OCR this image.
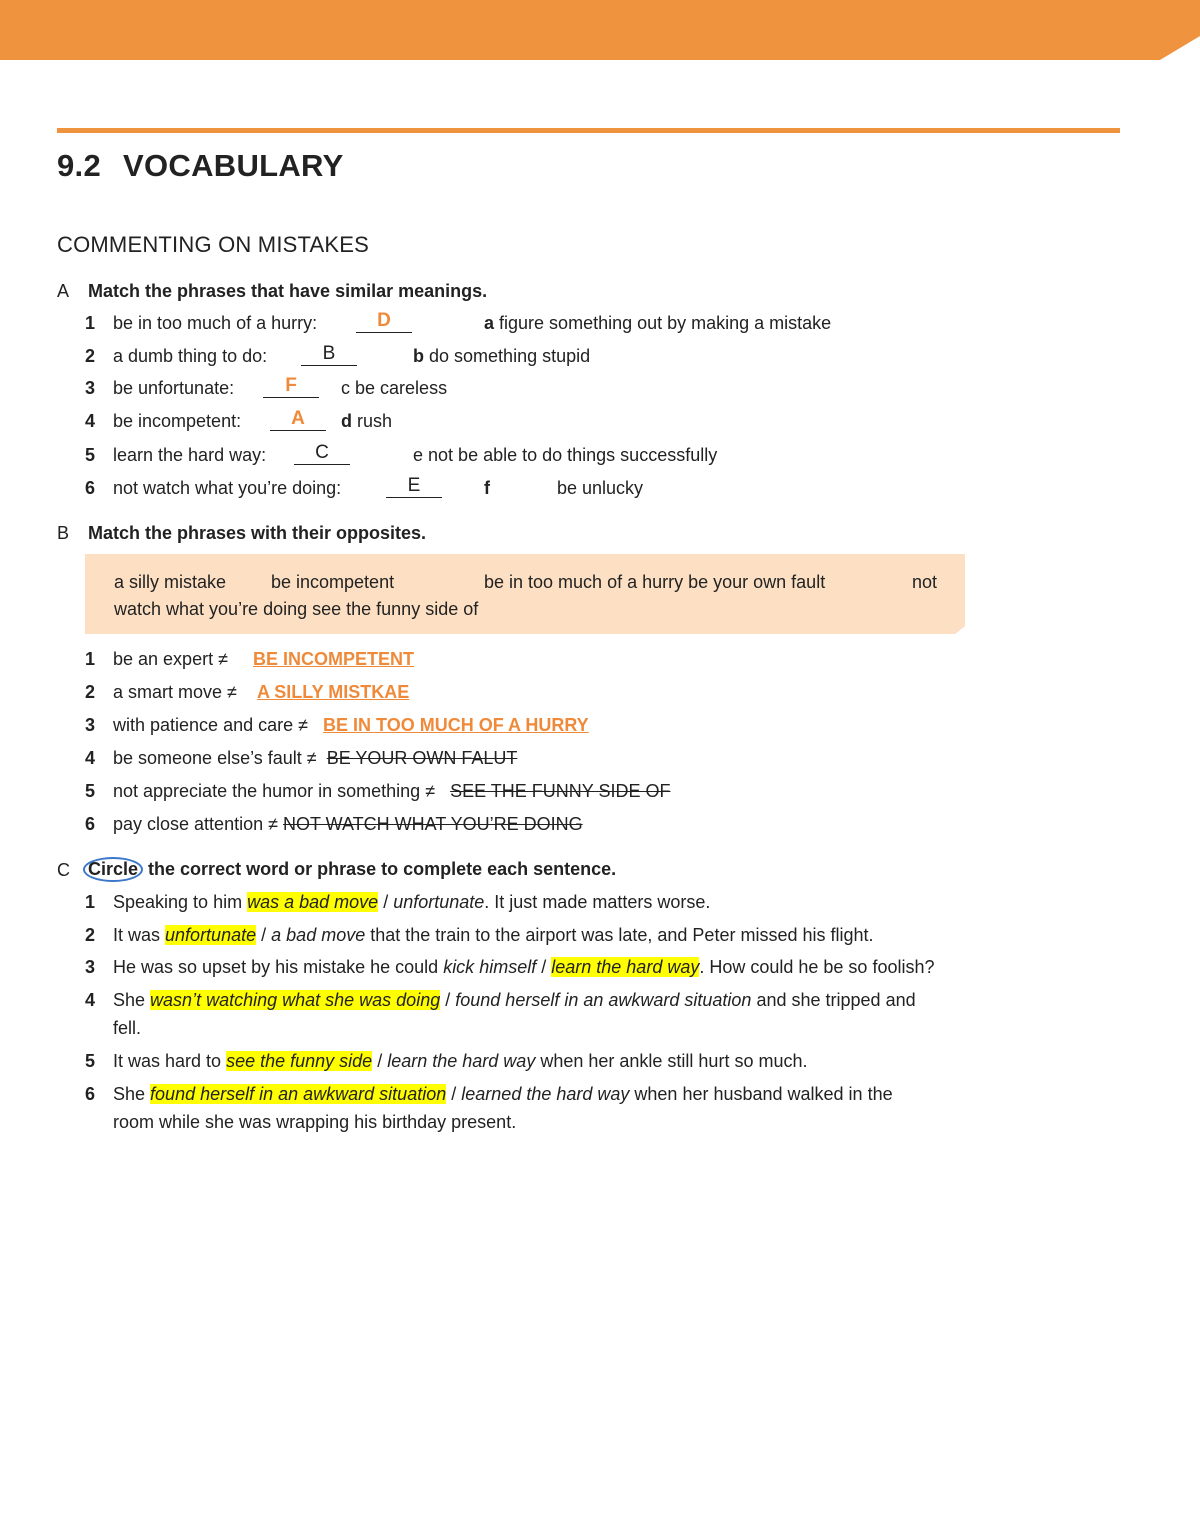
9.2 VOCABULARY
COMMENTING ON MISTAKES
A Match the phrases that have similar meanings.
1 be in too much of a hurry:	D	a figure something out by making a mistake
2 a dumb thing to do:	B	b do something stupid
3 be unfortunate:	F	c be careless
4 be incompetent:	A	d rush
5 learn the hard way:	C	e not be able to do things successfully
6 not watch what you’re doing:	E	f	be unlucky
B Match the phrases with their opposites.
a silly mistake be incompetent	be in too much of a hurry be your own fault	not
watch what you’re doing see the funny side of
1 be an expert ≠ BE INCOMPETENT
2 a smart move ≠ A SILLY MISTKAE
3 with patience and care ≠ BE IN TOO MUCH OF A HURRY
4 be someone else’s fault ≠ BE YOUR OWN FALUT
5 not appreciate the humor in something ≠ SEE THE FUNNY SIDE OF
6 pay close attention ≠ NOT WATCH WHAT YOU’RE DOING
C Circle the correct word or phrase to complete each sentence.
1 Speaking to him was a bad move / unfortunate. It just made matters worse.
2 It was unfortunate / a bad move that the train to the airport was late, and Peter missed his flight.
3 He was so upset by his mistake he could kick himself / learn the hard way. How could he be so foolish?
4 She wasn’t watching what she was doing / found herself in an awkward situation and she tripped and
fell.
5 It was hard to see the funny side / learn the hard way when her ankle still hurt so much.
6 She found herself in an awkward situation / learned the hard way when her husband walked in the
room while she was wrapping his birthday present.
